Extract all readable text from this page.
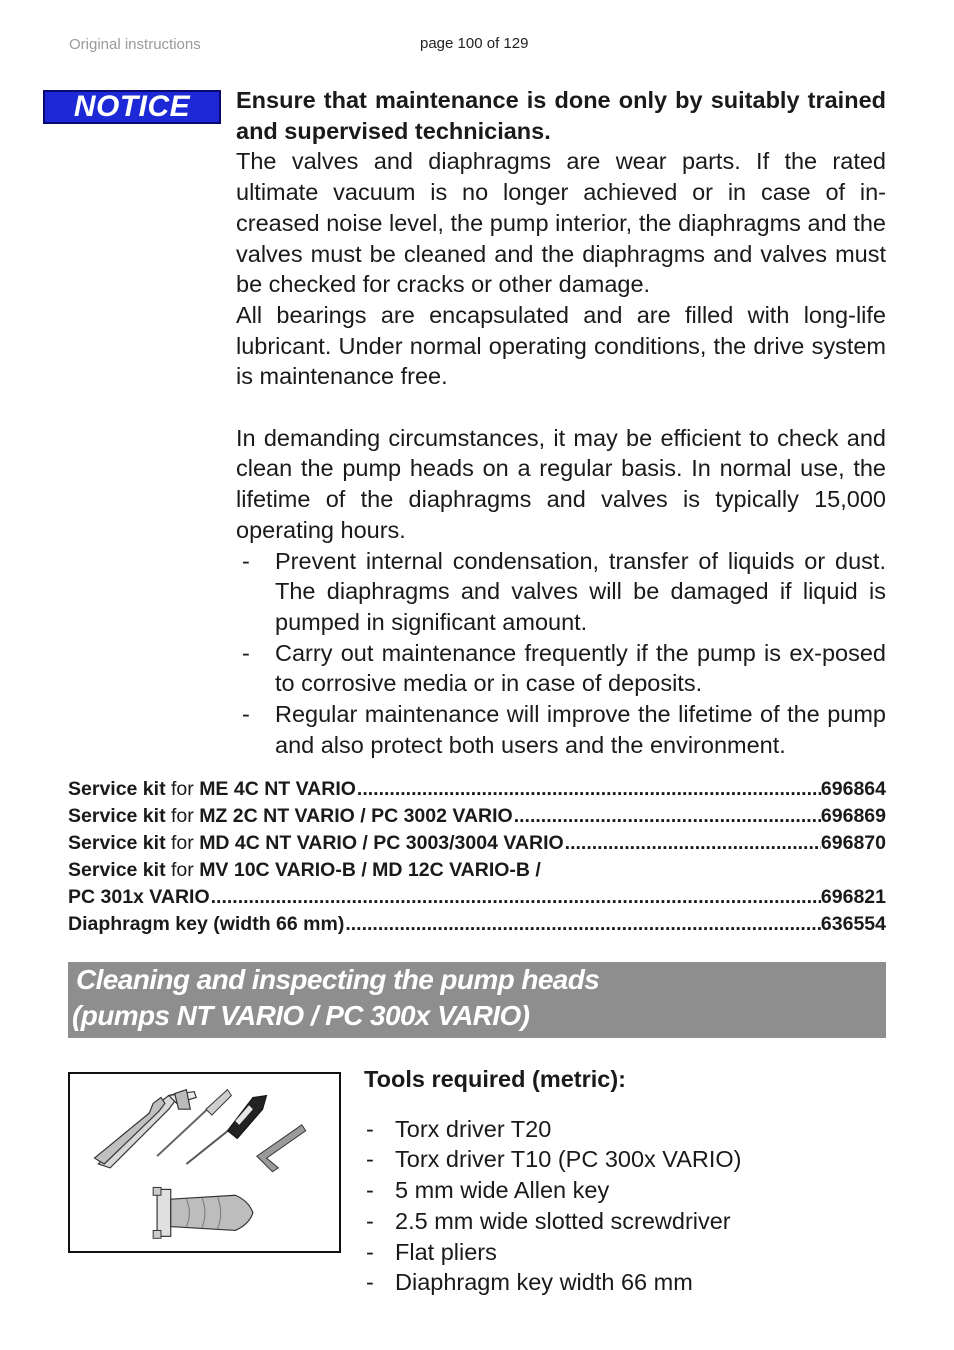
Original instructions	page 100 of 129
NOTICE	Ensure that maintenance is done only by suitably trained and supervised technicians.

The valves and diaphragms are wear parts. If the rated ultimate vacuum is no longer achieved or in case of in-creased noise level, the pump interior, the diaphragms and the valves must be cleaned and the diaphragms and valves must be checked for cracks or other damage.

All bearings are encapsulated and are filled with long-life lubricant. Under normal operating conditions, the drive system is maintenance free.

In demanding circumstances, it may be efficient to check and clean the pump heads on a regular basis. In normal use, the lifetime of the diaphragms and valves is typically 15,000 operating hours.

-	Prevent internal condensation, transfer of liquids or dust. The diaphragms and valves will be damaged if liquid is pumped in significant amount.
-	Carry out maintenance frequently if the pump is ex-posed to corrosive media or in case of deposits.
-	Regular maintenance will improve the lifetime of the pump and also protect both users and the environment.
Service kit for ME 4C NT VARIO .....	696864
Service kit for MZ 2C NT VARIO / PC 3002 VARIO .....	696869
Service kit for MD 4C NT VARIO / PC 3003/3004 VARIO .....	696870
Service kit for MV 10C VARIO-B / MD 12C VARIO-B /
PC 301x VARIO .....	696821
Diaphragm key (width 66 mm) .....	636554
Cleaning and inspecting the pump heads
(pumps NT VARIO / PC 300x VARIO)
Tools required (metric):
- Torx driver T20
- Torx driver T10 (PC 300x VARIO)
- 5 mm wide Allen key
- 2.5 mm wide slotted screwdriver
- Flat pliers
- Diaphragm key width 66 mm
